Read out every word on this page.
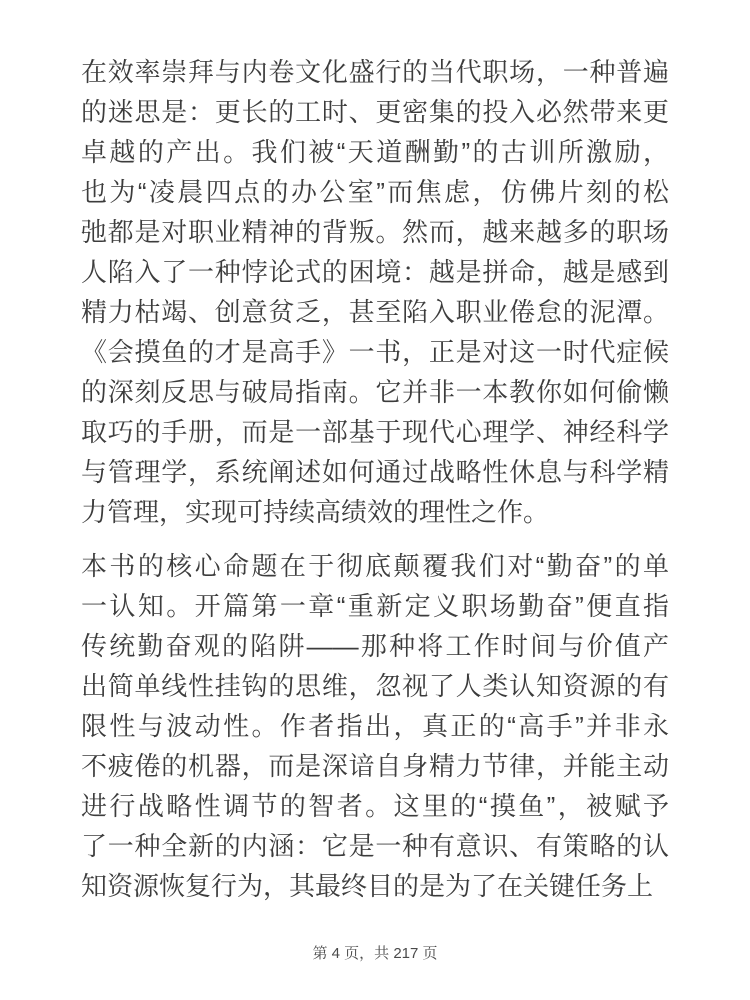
在效率崇拜与内卷文化盛行的当代职场，一种普遍
的迷思是：更长的工时、更密集的投入必然带来更
卓越的产出。我们被“天道酬勤”的古训所激励，
也为“凌晨四点的办公室”而焦虑，仿佛片刻的松
弛都是对职业精神的背叛。然而，越来越多的职场
人陷入了一种悖论式的困境：越是拼命，越是感到
精力枯竭、创意贫乏，甚至陷入职业倦怠的泥潭。
《会摸鱼的才是高手》一书，正是对这一时代症候
的深刻反思与破局指南。它并非一本教你如何偷懒
取巧的手册，而是一部基于现代心理学、神经科学
与管理学，系统阐述如何通过战略性休息与科学精
力管理，实现可持续高绩效的理性之作。
本书的核心命题在于彻底颠覆我们对“勤奋”的单
一认知。开篇第一章“重新定义职场勤奋”便直指
传统勤奋观的陷阱——那种将工作时间与价值产
出简单线性挂钩的思维，忽视了人类认知资源的有
限性与波动性。作者指出，真正的“高手”并非永
不疲倦的机器，而是深谙自身精力节律，并能主动
进行战略性调节的智者。这里的“摸鱼”，被赋予
了一种全新的内涵：它是一种有意识、有策略的认
知资源恢复行为，其最终目的是为了在关键任务上
第 4 页，共 217 页
